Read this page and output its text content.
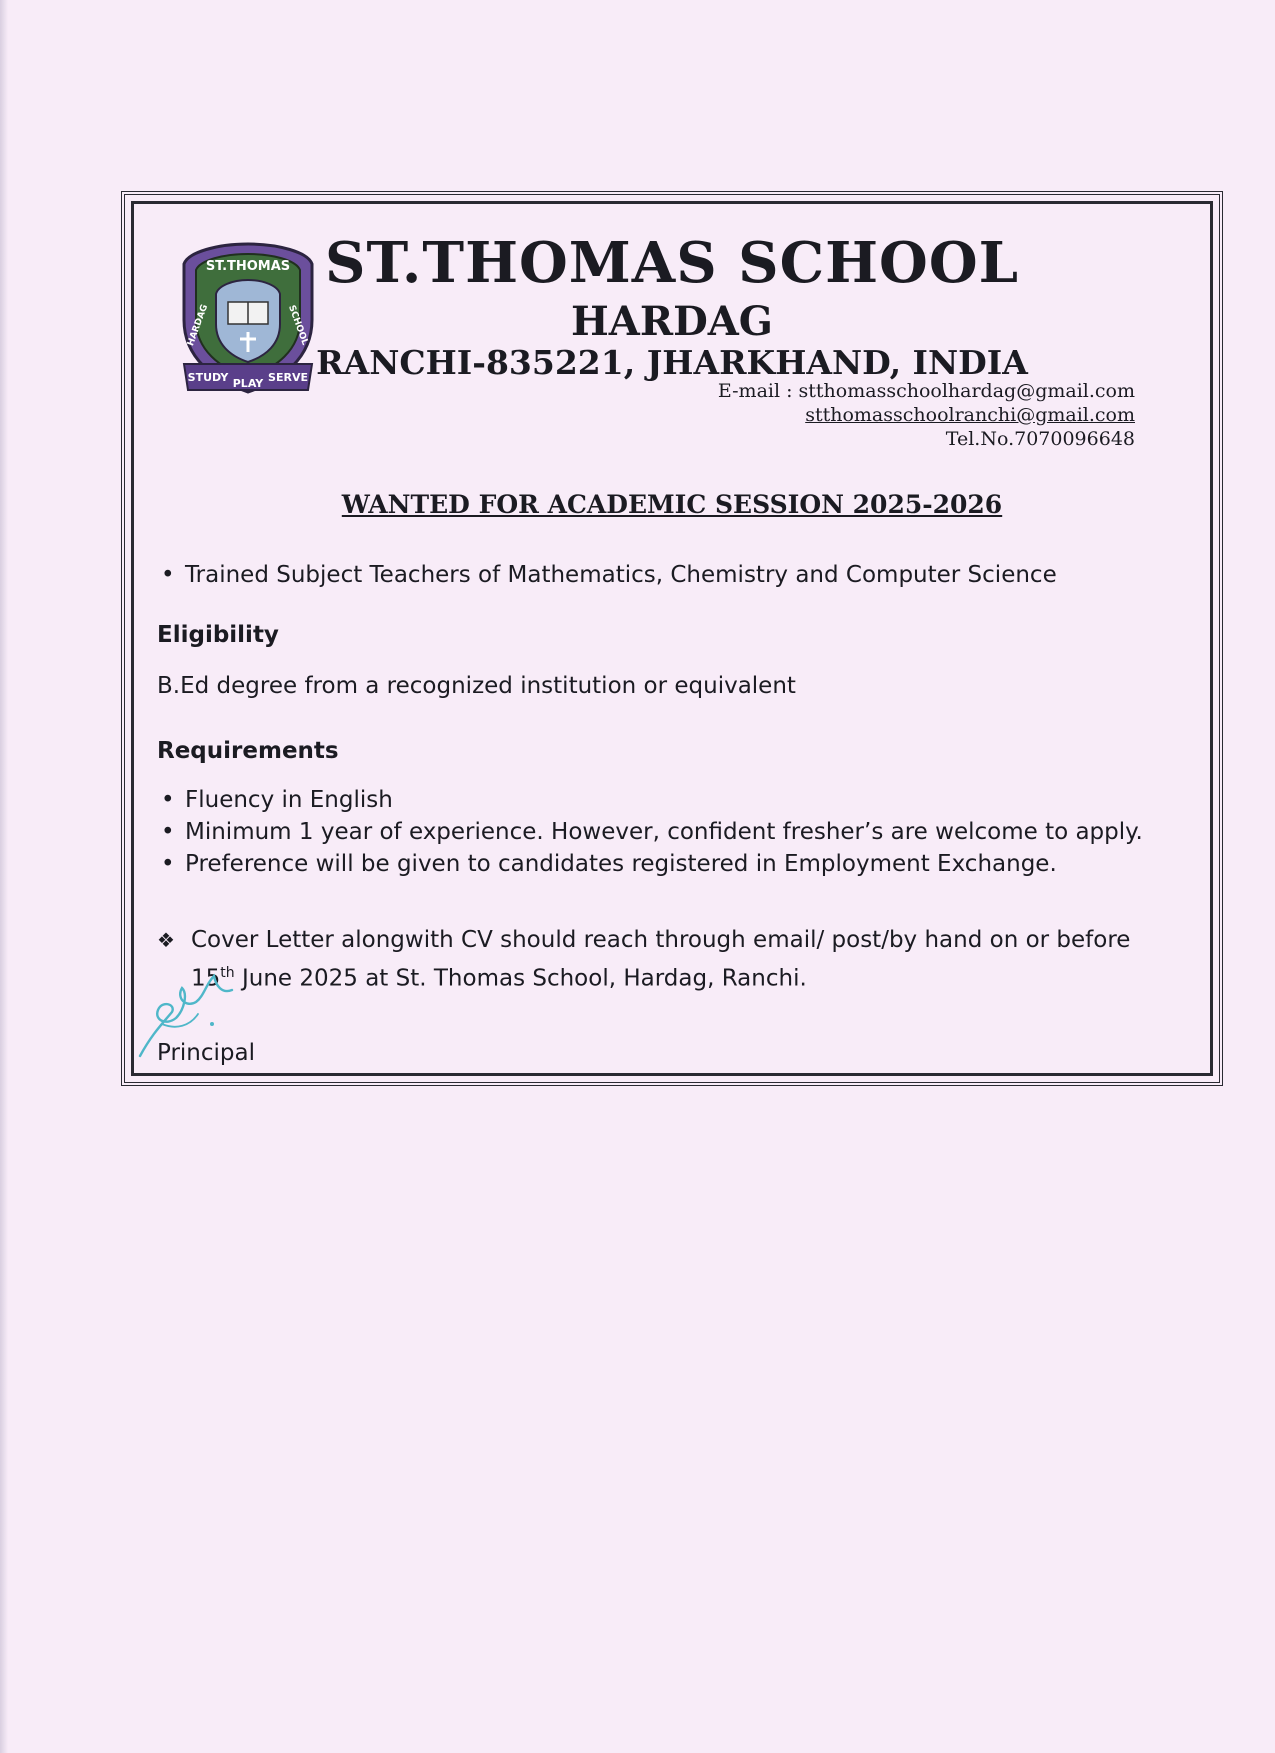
ST.THOMAS
HARDAG	SCHOOL
STUDY PLAY SERVE
ST.THOMAS SCHOOL
HARDAG
RANCHI-835221, JHARKHAND, INDIA
E-mail : stthomasschoolhardag@gmail.com
stthomasschoolranchi@gmail.com
Tel.No.7070096648
WANTED FOR ACADEMIC SESSION 2025-2026
• Trained Subject Teachers of Mathematics, Chemistry and Computer Science
Eligibility
B.Ed degree from a recognized institution or equivalent
Requirements
• Fluency in English
• Minimum 1 year of experience. However, confident fresher’s are welcome to apply.
• Preference will be given to candidates registered in Employment Exchange.
❖ Cover Letter alongwith CV should reach through email/ post/by hand on or before
15th June 2025 at St. Thomas School, Hardag, Ranchi.
Principal
